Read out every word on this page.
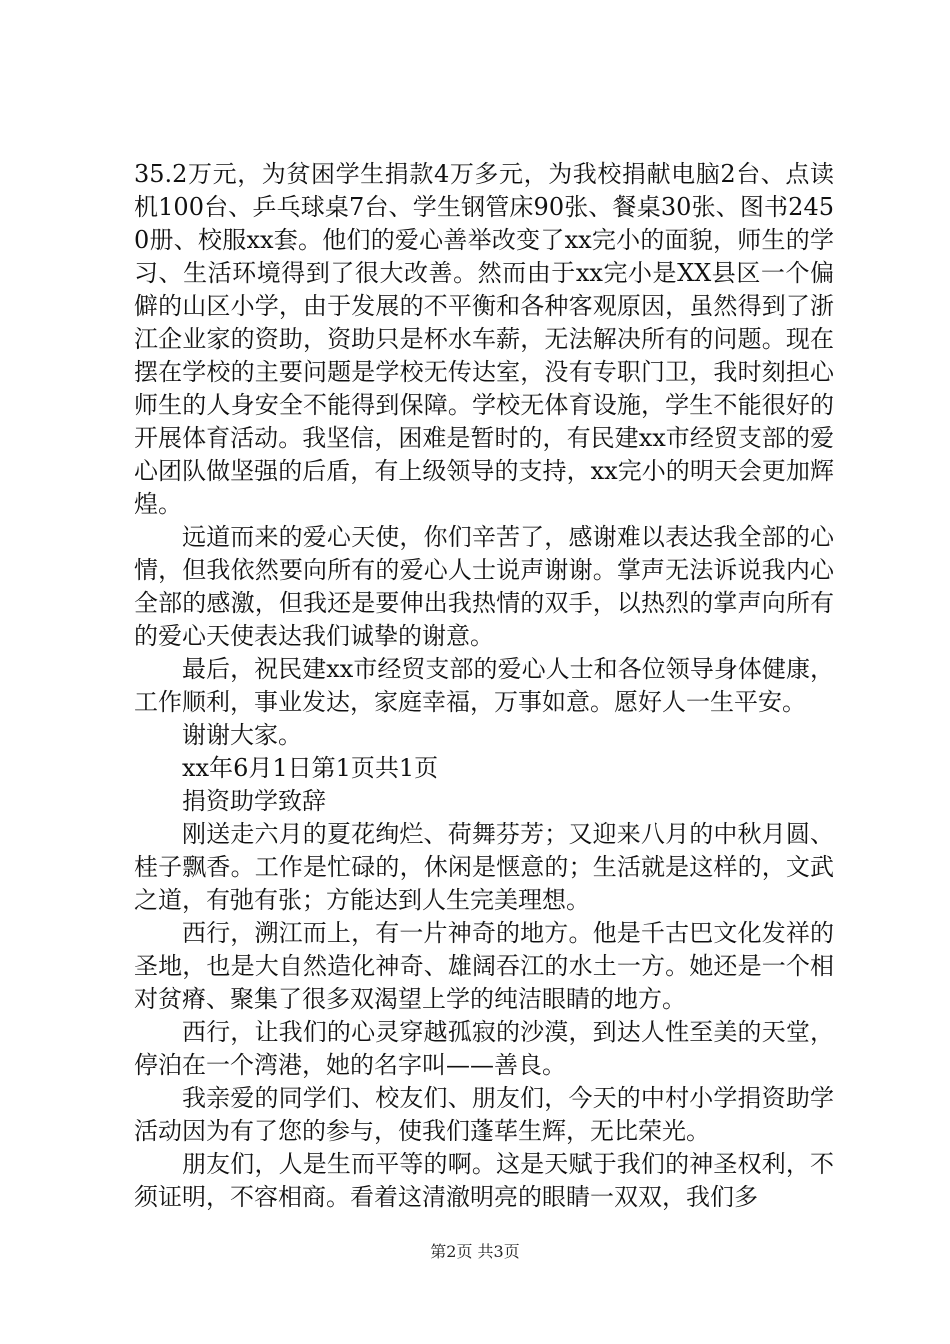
35.2万元，为贫困学生捐款4万多元，为我校捐献电脑2台、点读机100台、乒乓球桌7台、学生钢管床90张、餐桌30张、图书2450册、校服xx套。他们的爱心善举改变了xx完小的面貌，师生的学习、生活环境得到了很大改善。然而由于xx完小是XX县区一个偏僻的山区小学，由于发展的不平衡和各种客观原因，虽然得到了浙江企业家的资助，资助只是杯水车薪，无法解决所有的问题。现在摆在学校的主要问题是学校无传达室，没有专职门卫，我时刻担心师生的人身安全不能得到保障。学校无体育设施，学生不能很好的开展体育活动。我坚信，困难是暂时的，有民建xx市经贸支部的爱心团队做坚强的后盾，有上级领导的支持，xx完小的明天会更加辉煌。

远道而来的爱心天使，你们辛苦了，感谢难以表达我全部的心情，但我依然要向所有的爱心人士说声谢谢。掌声无法诉说我内心全部的感激，但我还是要伸出我热情的双手，以热烈的掌声向所有的爱心天使表达我们诚挚的谢意。

最后，祝民建xx市经贸支部的爱心人士和各位领导身体健康，工作顺利，事业发达，家庭幸福，万事如意。愿好人一生平安。

谢谢大家。

xx年6月1日第1页共1页

捐资助学致辞

刚送走六月的夏花绚烂、荷舞芬芳；又迎来八月的中秋月圆、桂子飘香。工作是忙碌的，休闲是惬意的；生活就是这样的，文武之道，有弛有张；方能达到人生完美理想。

西行，溯江而上，有一片神奇的地方。他是千古巴文化发祥的圣地，也是大自然造化神奇、雄阔吞江的水土一方。她还是一个相对贫瘠、聚集了很多双渴望上学的纯洁眼睛的地方。

西行，让我们的心灵穿越孤寂的沙漠，到达人性至美的天堂，停泊在一个湾港，她的名字叫——善良。

我亲爱的同学们、校友们、朋友们，今天的中村小学捐资助学活动因为有了您的参与，使我们蓬荜生辉，无比荣光。

朋友们，人是生而平等的啊。这是天赋于我们的神圣权利，不须证明，不容相商。看着这清澈明亮的眼睛一双双，我们多

第2页 共3页
